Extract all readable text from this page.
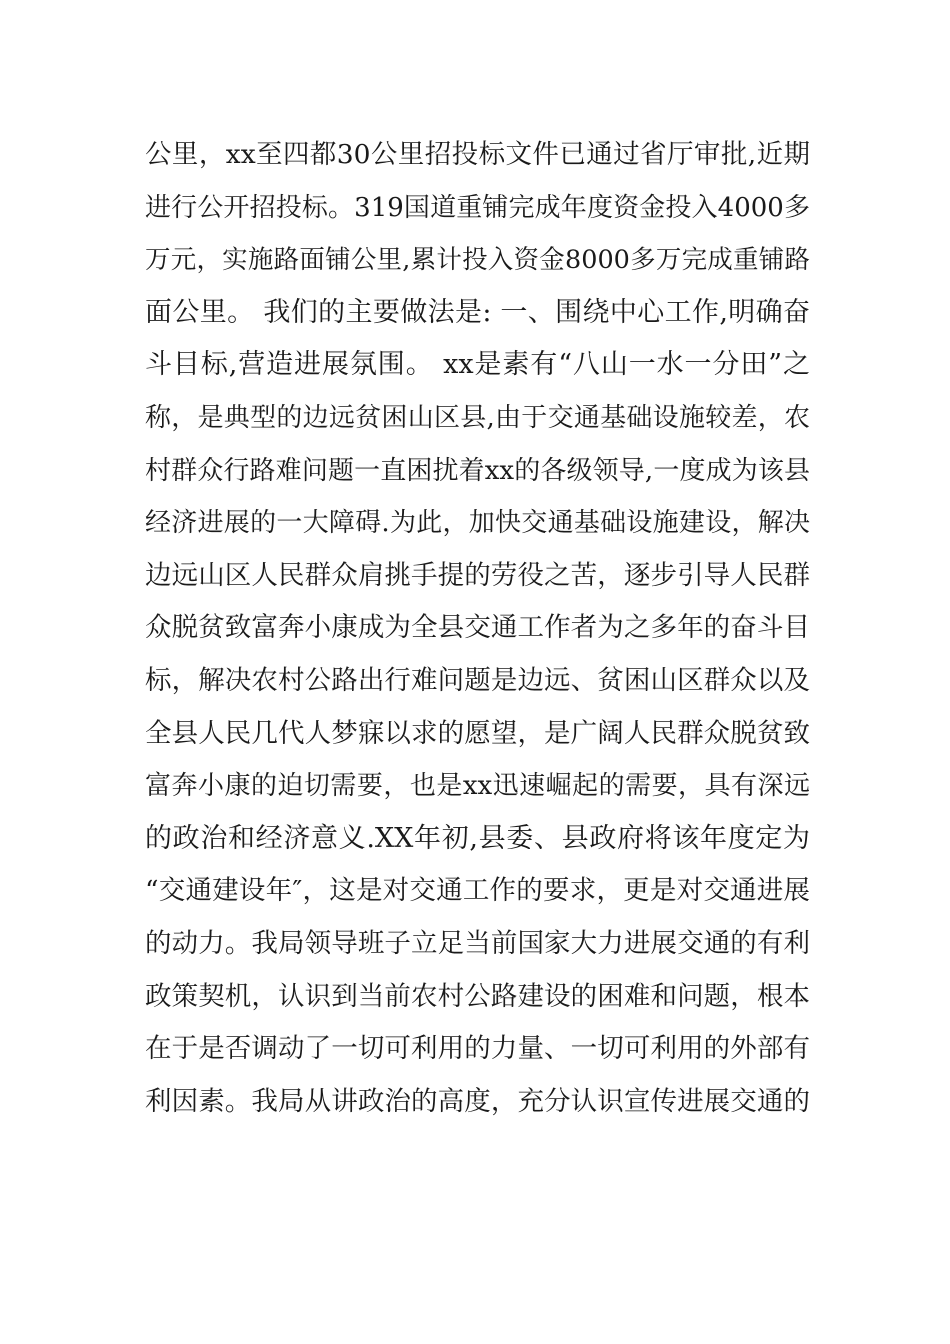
公里，xx至四都30公里招投标文件已通过省厅审批,近期
进行公开招投标。319国道重铺完成年度资金投入4000多
万元，实施路面铺公里,累计投入资金8000多万完成重铺路
面公里。 我们的主要做法是: 一、围绕中心工作,明确奋
斗目标,营造进展氛围。 xx是素有“八山一水一分田”之
称，是典型的边远贫困山区县,由于交通基础设施较差，农
村群众行路难问题一直困扰着xx的各级领导,一度成为该县
经济进展的一大障碍.为此，加快交通基础设施建设，解决
边远山区人民群众肩挑手提的劳役之苦，逐步引导人民群
众脱贫致富奔小康成为全县交通工作者为之多年的奋斗目
标，解决农村公路出行难问题是边远、贫困山区群众以及
全县人民几代人梦寐以求的愿望，是广阔人民群众脱贫致
富奔小康的迫切需要，也是xx迅速崛起的需要，具有深远
的政治和经济意义.XX年初,县委、县政府将该年度定为
“交通建设年″，这是对交通工作的要求，更是对交通进展
的动力。我局领导班子立足当前国家大力进展交通的有利
政策契机，认识到当前农村公路建设的困难和问题，根本
在于是否调动了一切可利用的力量、一切可利用的外部有
利因素。我局从讲政治的高度，充分认识宣传进展交通的
